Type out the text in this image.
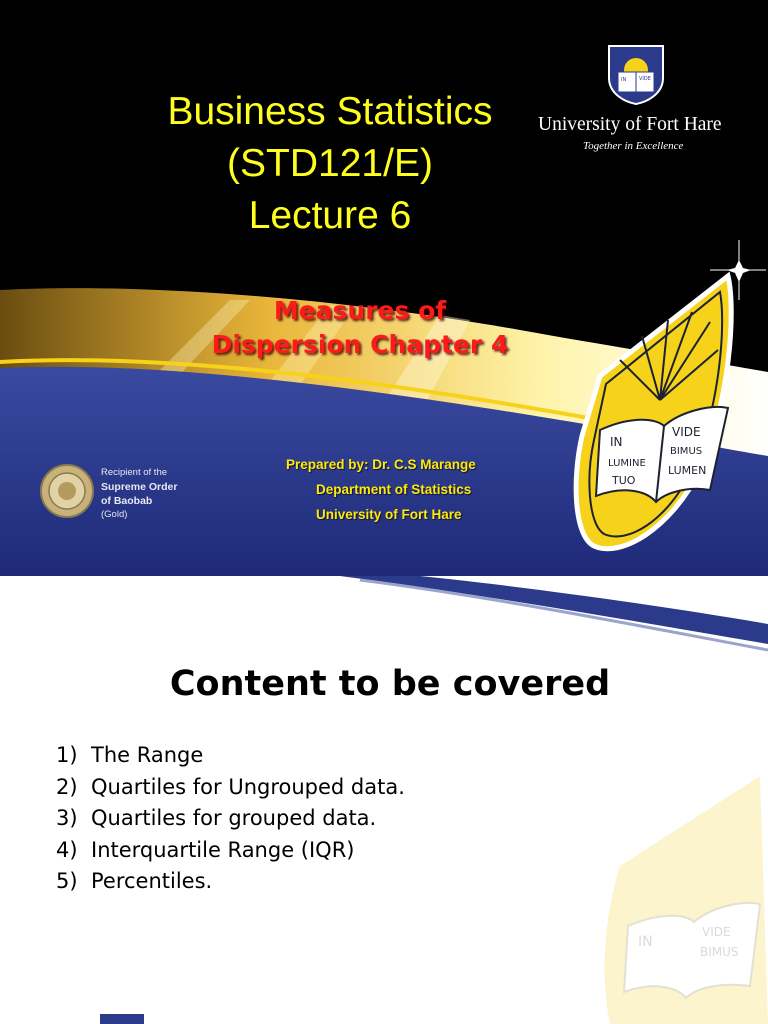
IN	VIDE
University of Fort Hare
Together in Excellence
Business Statistics
(STD121/E)
Lecture 6
Measures of
Dispersion Chapter 4
IN
LUMINE
TUO
VIDE
BIMUS
LUMEN
Recipient of the
Supreme Order
of Baobab
(Gold)
Prepared by: Dr. C.S Marange
Department of Statistics
University of Fort Hare
IN
VIDE
BIMUS
Content to be covered
1) The Range
2) Quartiles for Ungrouped data.
3) Quartiles for grouped data.
4) Interquartile Range (IQR)
5) Percentiles.
